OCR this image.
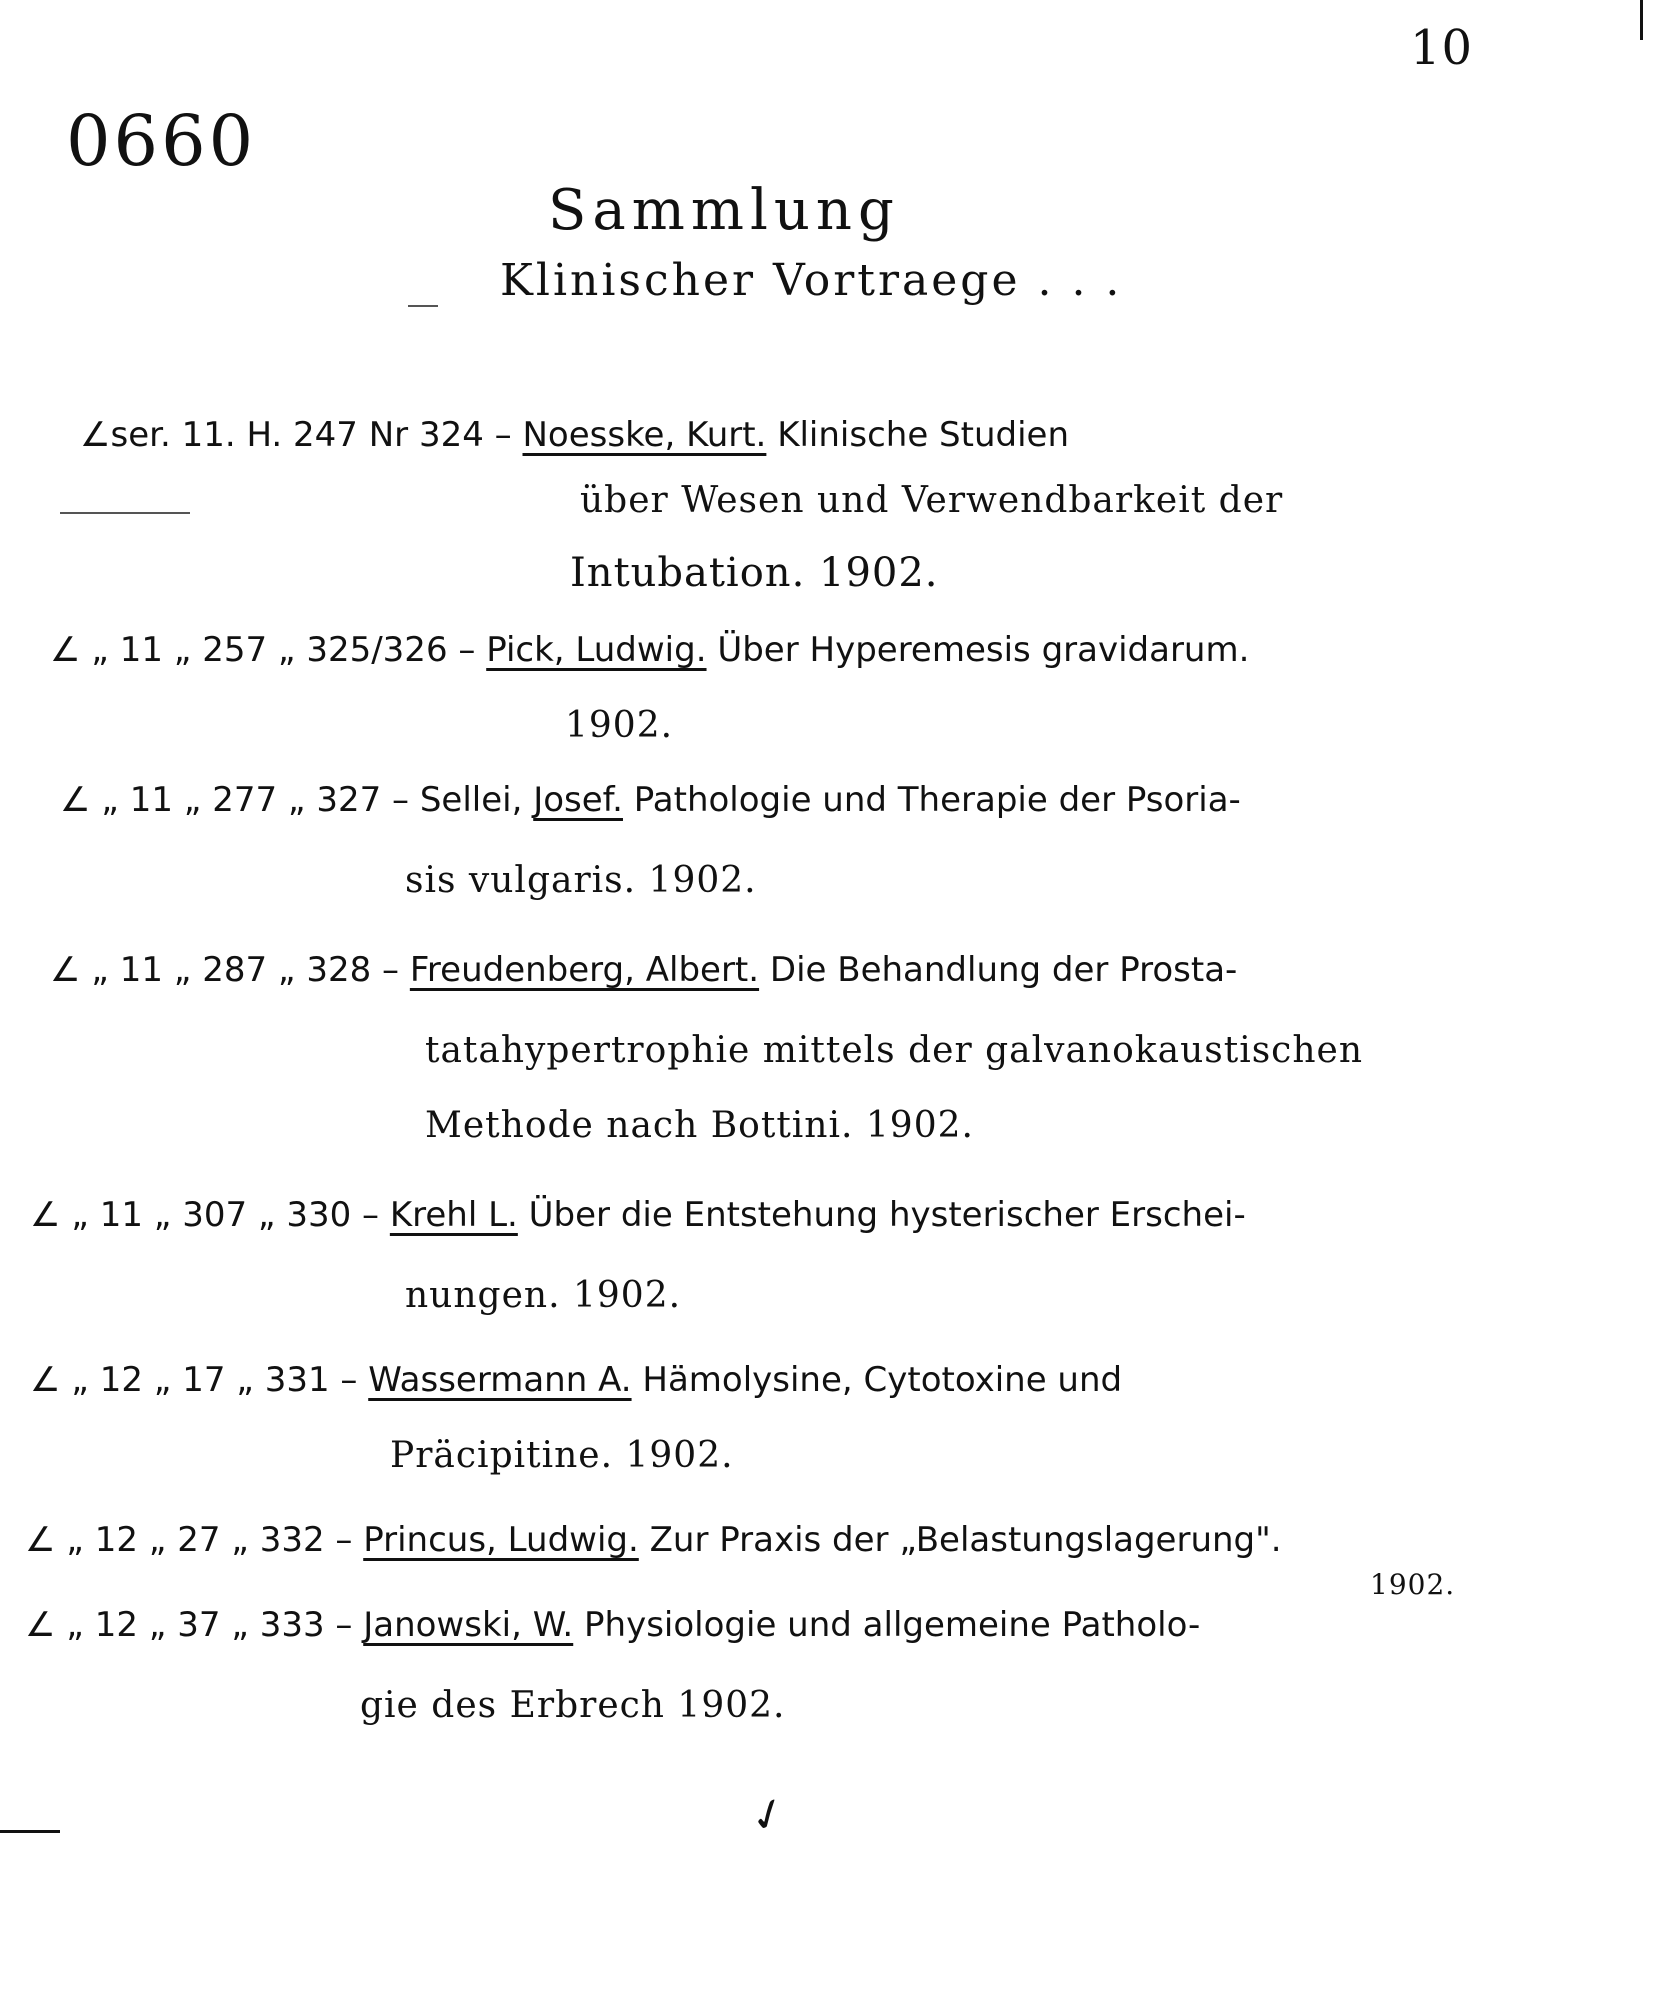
10
0660
Sammlung
Klinischer Vortraege . . .
∠ser. 11. H. 247 Nr 324 – Noesske, Kurt. Klinische Studien
über Wesen und Verwendbarkeit der
Intubation. 1902.
∠ „ 11 „ 257 „ 325/326 – Pick, Ludwig. Über Hyperemesis gravidarum.
1902.
∠ „ 11 „ 277 „ 327 – Sellei, Josef. Pathologie und Therapie der Psoria-
sis vulgaris. 1902.
∠ „ 11 „ 287 „ 328 – Freudenberg, Albert. Die Behandlung der Prosta-
tatahypertrophie mittels der galvanokaustischen
Methode nach Bottini. 1902.
∠ „ 11 „ 307 „ 330 – Krehl L. Über die Entstehung hysterischer Erschei-
nungen. 1902.
∠ „ 12 „ 17 „ 331 – Wassermann A. Hämolysine, Cytotoxine und
Präcipitine. 1902.
∠ „ 12 „ 27 „ 332 – Princus, Ludwig. Zur Praxis der „Belastungslagerung".
1902.
∠ „ 12 „ 37 „ 333 – Janowski, W. Physiologie und allgemeine Patholo-
gie des Erbrech 1902.
✓
